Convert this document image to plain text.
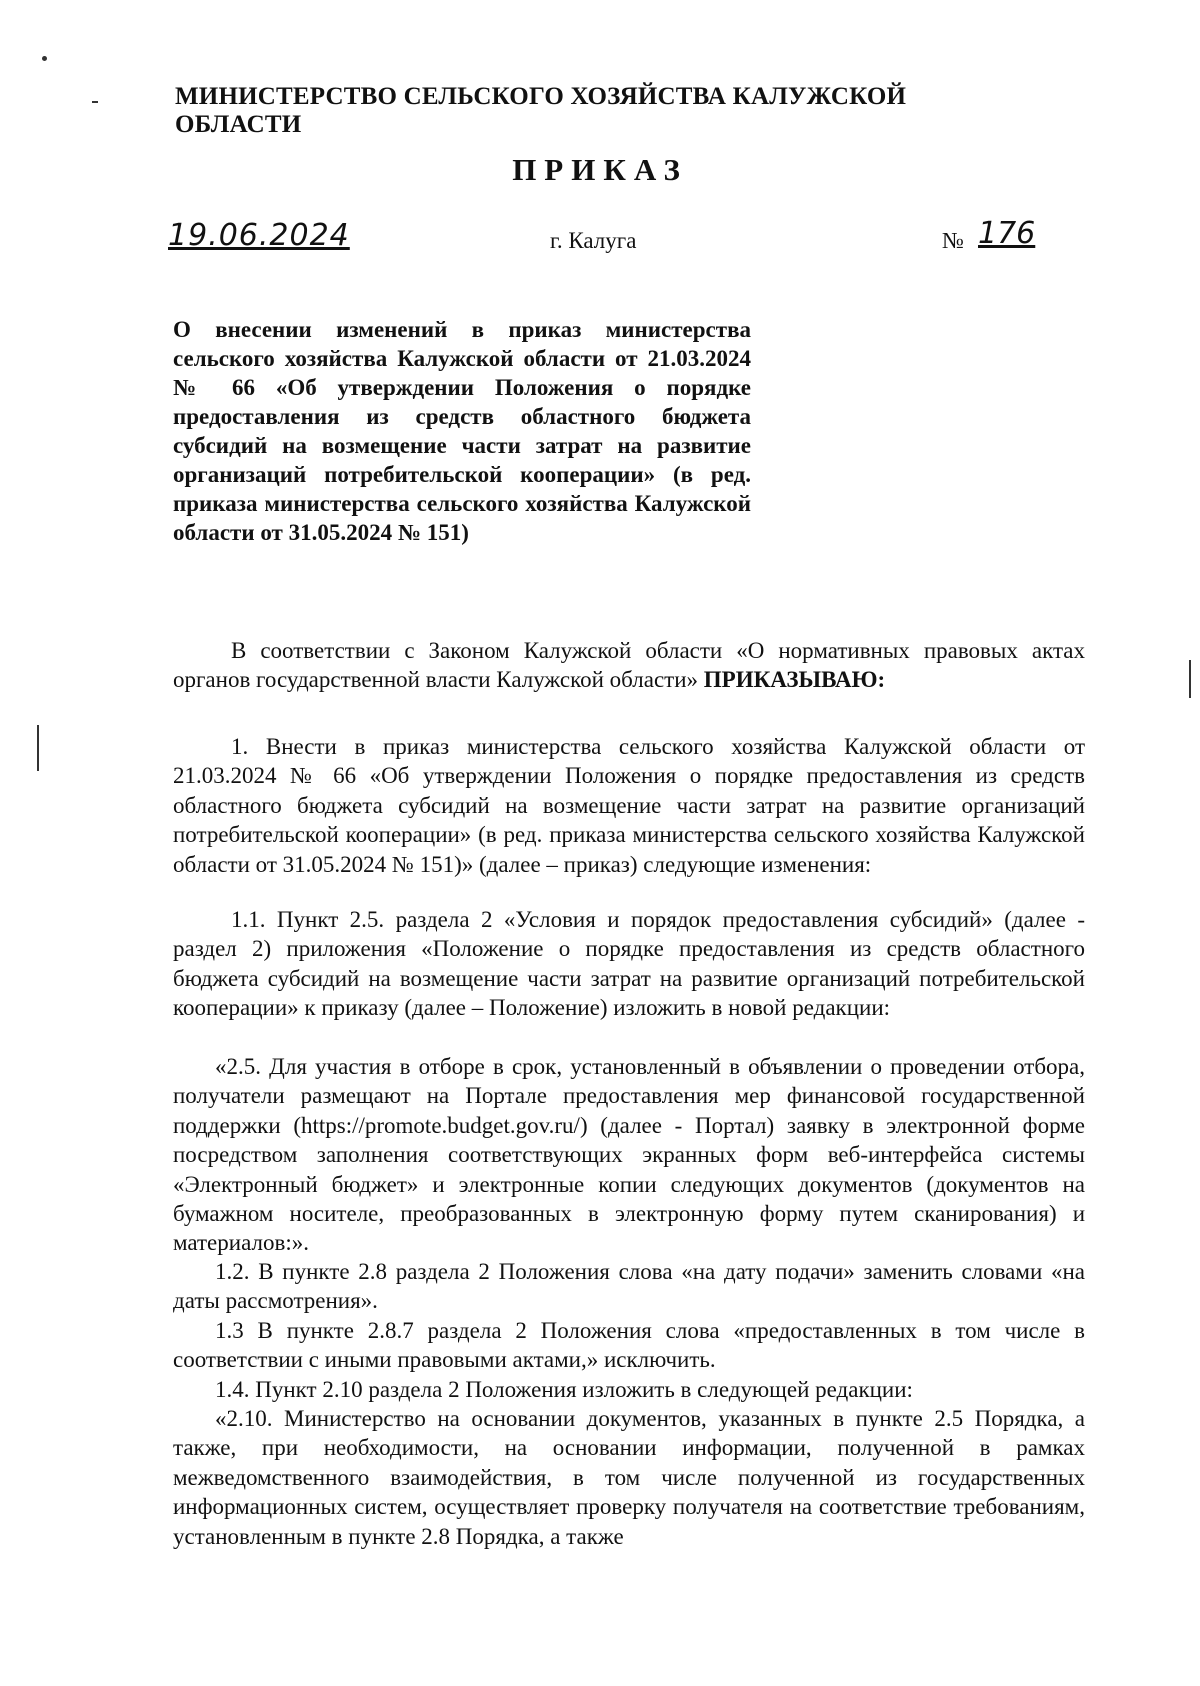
МИНИСТЕРСТВО СЕЛЬСКОГО ХОЗЯЙСТВА КАЛУЖСКОЙ ОБЛАСТИ
ПРИКАЗ
19.06.2024	г. Калуга	№ 176
О внесении изменений в приказ министерства сельского хозяйства Калужской области от 21.03.2024 № 66 «Об утверждении Положения о порядке предоставления из средств областного бюджета субсидий на возмещение части затрат на развитие организаций потребительской кооперации» (в ред. приказа министерства сельского хозяйства Калужской области от 31.05.2024 № 151)
В соответствии с Законом Калужской области «О нормативных правовых актах органов государственной власти Калужской области» ПРИКАЗЫВАЮ:
1. Внести в приказ министерства сельского хозяйства Калужской области от 21.03.2024 № 66 «Об утверждении Положения о порядке предоставления из средств областного бюджета субсидий на возмещение части затрат на развитие организаций потребительской кооперации» (в ред. приказа министерства сельского хозяйства Калужской области от 31.05.2024 № 151)» (далее – приказ) следующие изменения:
1.1. Пункт 2.5. раздела 2 «Условия и порядок предоставления субсидий» (далее - раздел 2) приложения «Положение о порядке предоставления из средств областного бюджета субсидий на возмещение части затрат на развитие организаций потребительской кооперации» к приказу (далее – Положение) изложить в новой редакции:
«2.5. Для участия в отборе в срок, установленный в объявлении о проведении отбора, получатели размещают на Портале предоставления мер финансовой государственной поддержки (https://promote.budget.gov.ru/) (далее - Портал) заявку в электронной форме посредством заполнения соответствующих экранных форм веб-интерфейса системы «Электронный бюджет» и электронные копии следующих документов (документов на бумажном носителе, преобразованных в электронную форму путем сканирования) и материалов:».
1.2. В пункте 2.8 раздела 2 Положения слова «на дату подачи» заменить словами «на даты рассмотрения».
1.3 В пункте 2.8.7 раздела 2 Положения слова «предоставленных в том числе в соответствии с иными правовыми актами,» исключить.
1.4. Пункт 2.10 раздела 2 Положения изложить в следующей редакции:
«2.10. Министерство на основании документов, указанных в пункте 2.5 Порядка, а также, при необходимости, на основании информации, полученной в рамках межведомственного взаимодействия, в том числе полученной из государственных информационных систем, осуществляет проверку получателя на соответствие требованиям, установленным в пункте 2.8 Порядка, а также
